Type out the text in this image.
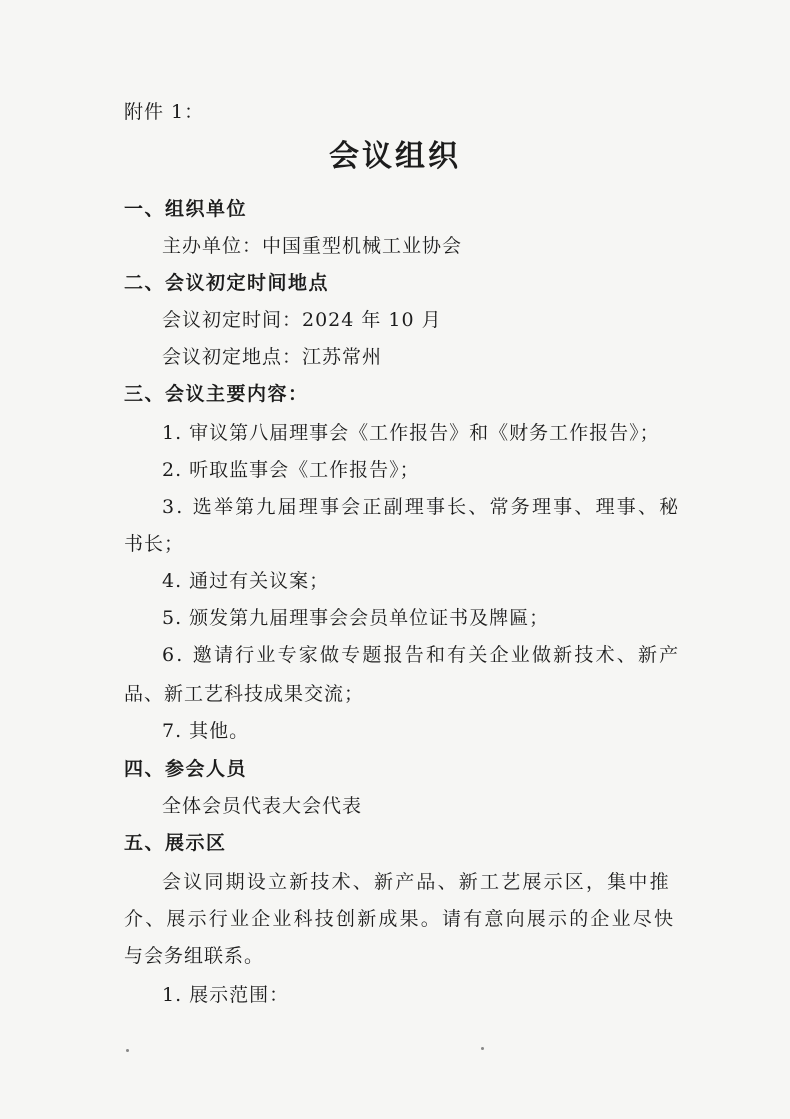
附件 1：
会议组织
一、组织单位
主办单位：中国重型机械工业协会
二、会议初定时间地点
会议初定时间：2024 年 10 月
会议初定地点：江苏常州
三、会议主要内容：
1. 审议第八届理事会《工作报告》和《财务工作报告》；
2. 听取监事会《工作报告》；
3. 选举第九届理事会正副理事长、常务理事、理事、秘
书长；
4. 通过有关议案；
5. 颁发第九届理事会会员单位证书及牌匾；
6. 邀请行业专家做专题报告和有关企业做新技术、新产
品、新工艺科技成果交流；
7. 其他。
四、参会人员
全体会员代表大会代表
五、展示区
会议同期设立新技术、新产品、新工艺展示区，集中推
介、展示行业企业科技创新成果。请有意向展示的企业尽快
与会务组联系。
1. 展示范围：
